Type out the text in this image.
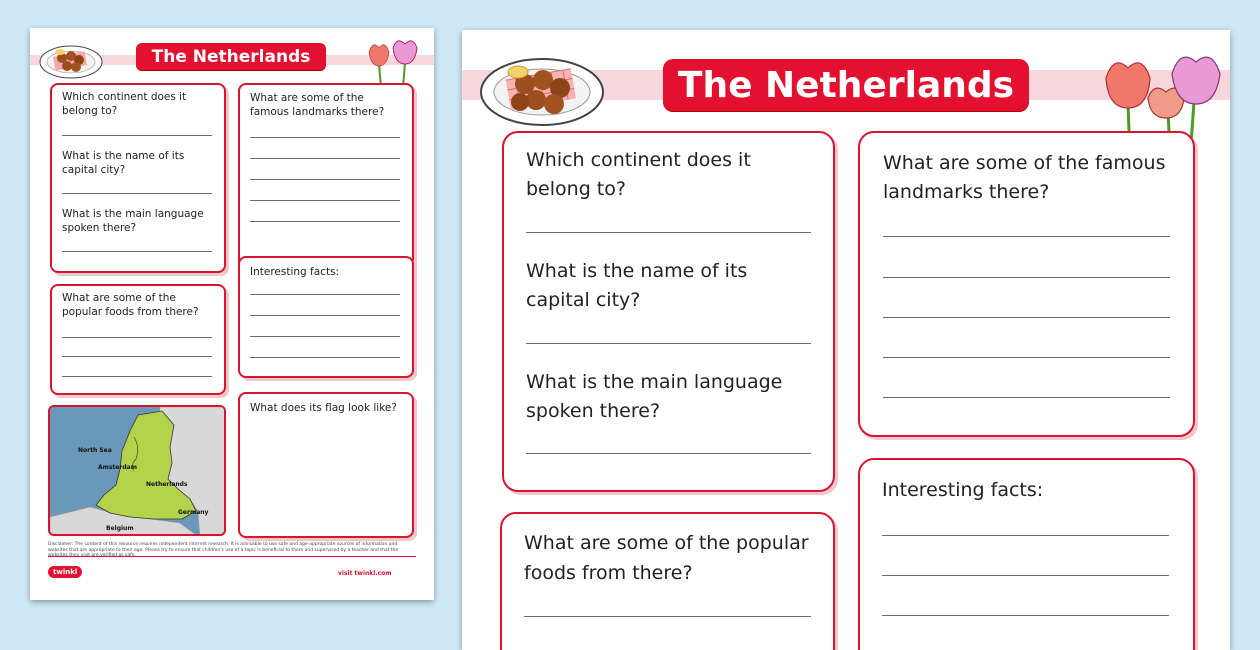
The Netherlands
Which continent does it belong to?
What is the name of its capital city?
What is the main language spoken there?
What are some of the popular foods from there?
North Sea
Amsterdam
Netherlands
Germany
Belgium
What are some of the famous landmarks there?
Interesting facts:
What does its flag look like?
Disclaimer: The content of this resource requires independent internet research. It is advisable to use safe and age-appropriate sources of information and websites that are appropriate to their age. Please try to ensure that children's use of a topic is beneficial to them and supervised by a teacher and that the
twinkl	visit twinkl.com
The Netherlands
Which continent does it
belong to?
What is the name of its
capital city?
What is the main language
spoken there?
What are some of the popular
foods from there?
What are some of the famous
landmarks there?
Interesting facts:
